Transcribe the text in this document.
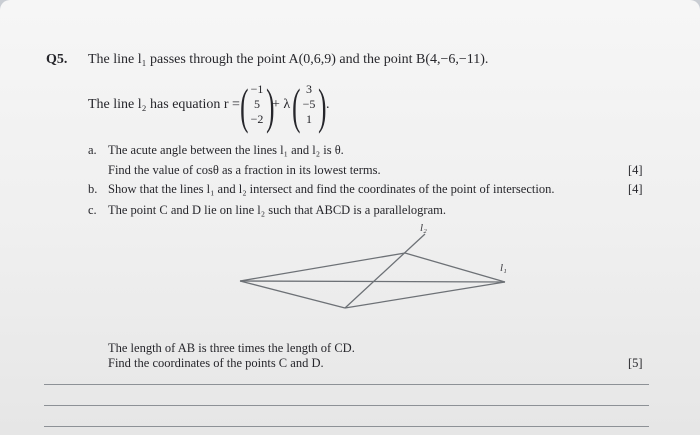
Q5. The line l₁ passes through the point A(0,6,9) and the point B(4,−6,−11).
The line l₂ has equation r = ( )
−1
5
−2
+ λ ( )
3
−5
1
.
a. The acute angle between the lines l₁ and l₂ is θ.
Find the value of cosθ as a fraction in its lowest terms.	[4]
b. Show that the lines l₁ and l₂ intersect and find the coordinates of the point of intersection.	[4]
c. The point C and D lie on line l₂ such that ABCD is a parallelogram.
l₂
l₁
The length of AB is three times the length of CD.
Find the coordinates of the points C and D.	[5]
